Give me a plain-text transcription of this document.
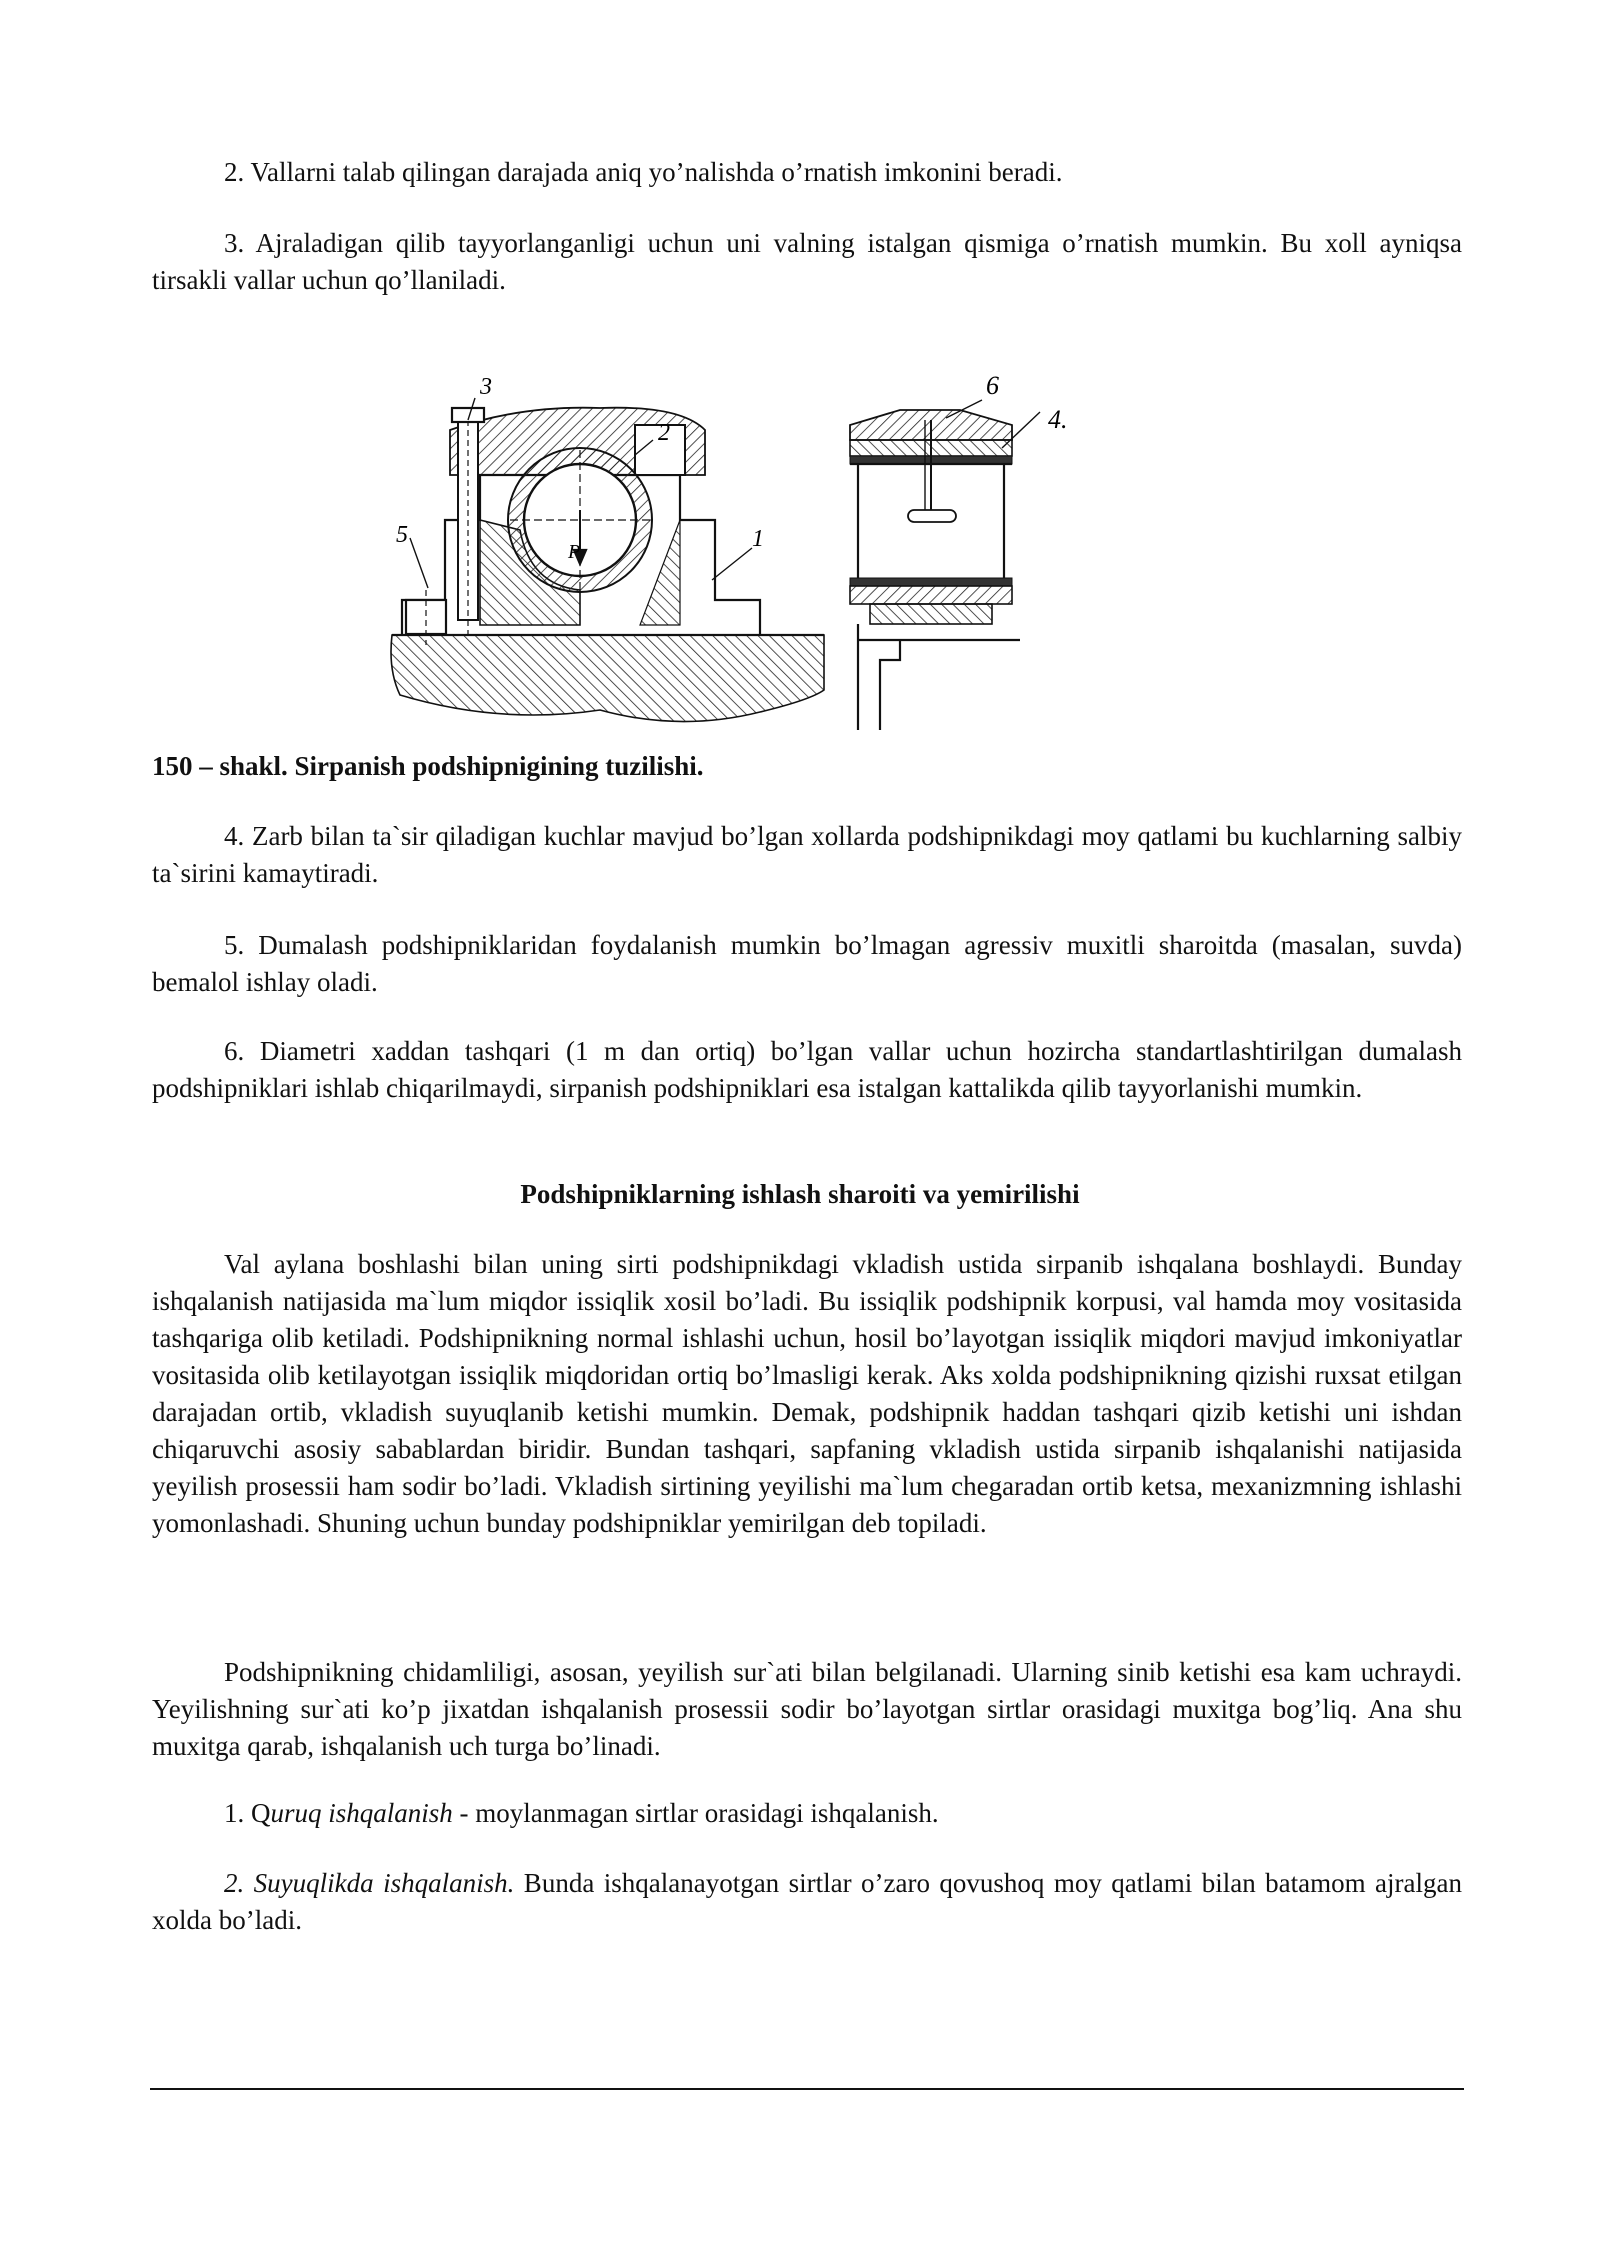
2. Vallarni talab qilingan darajada aniq yo’nalishda o’rnatish imkonini beradi.

3. Ajraladigan qilib tayyorlanganligi uchun uni valning istalgan qismiga o’rnatish mumkin. Bu xoll ayniqsa tirsakli vallar uchun qo’llaniladi.

3
2
5	1
P
6
4.

150 – shakl. Sirpanish podshipnigining tuzilishi.

4. Zarb bilan ta`sir qiladigan kuchlar mavjud bo’lgan xollarda podshipnikdagi moy qatlami bu kuchlarning salbiy ta`sirini kamaytiradi.

5. Dumalash podshipniklaridan foydalanish mumkin bo’lmagan agressiv muxitli sharoitda (masalan, suvda) bemalol ishlay oladi.

6. Diametri xaddan tashqari (1 m dan ortiq) bo’lgan vallar uchun hozircha standartlashtirilgan dumalash podshipniklari ishlab chiqarilmaydi, sirpanish podshipniklari esa istalgan kattalikda qilib tayyorlanishi mumkin.

Podshipniklarning ishlash sharoiti va yemirilishi

Val aylana boshlashi bilan uning sirti podshipnikdagi vkladish ustida sirpanib ishqalana boshlaydi. Bunday ishqalanish natijasida ma`lum miqdor issiqlik xosil bo’ladi. Bu issiqlik podshipnik korpusi, val hamda moy vositasida tashqariga olib ketiladi. Podshipnikning normal ishlashi uchun, hosil bo’layotgan issiqlik miqdori mavjud imkoniyatlar vositasida olib ketilayotgan issiqlik miqdoridan ortiq bo’lmasligi kerak. Aks xolda podshipnikning qizishi ruxsat etilgan darajadan ortib, vkladish suyuqlanib ketishi mumkin. Demak, podshipnik haddan tashqari qizib ketishi uni ishdan chiqaruvchi asosiy sabablardan biridir. Bundan tashqari, sapfaning vkladish ustida sirpanib ishqalanishi natijasida yeyilish prosessii ham sodir bo’ladi. Vkladish sirtining yeyilishi ma`lum chegaradan ortib ketsa, mexanizmning ishlashi yomonlashadi. Shuning uchun bunday podshipniklar yemirilgan deb topiladi.

Podshipnikning chidamliligi, asosan, yeyilish sur`ati bilan belgilanadi. Ularning sinib ketishi esa kam uchraydi. Yeyilishning sur`ati ko’p jixatdan ishqalanish prosessii sodir bo’layotgan sirtlar orasidagi muxitga bog’liq. Ana shu muxitga qarab, ishqalanish uch turga bo’linadi.

1. Quruq ishqalanish - moylanmagan sirtlar orasidagi ishqalanish.

2. Suyuqlikda ishqalanish. Bunda ishqalanayotgan sirtlar o’zaro qovushoq moy qatlami bilan batamom ajralgan xolda bo’ladi.
